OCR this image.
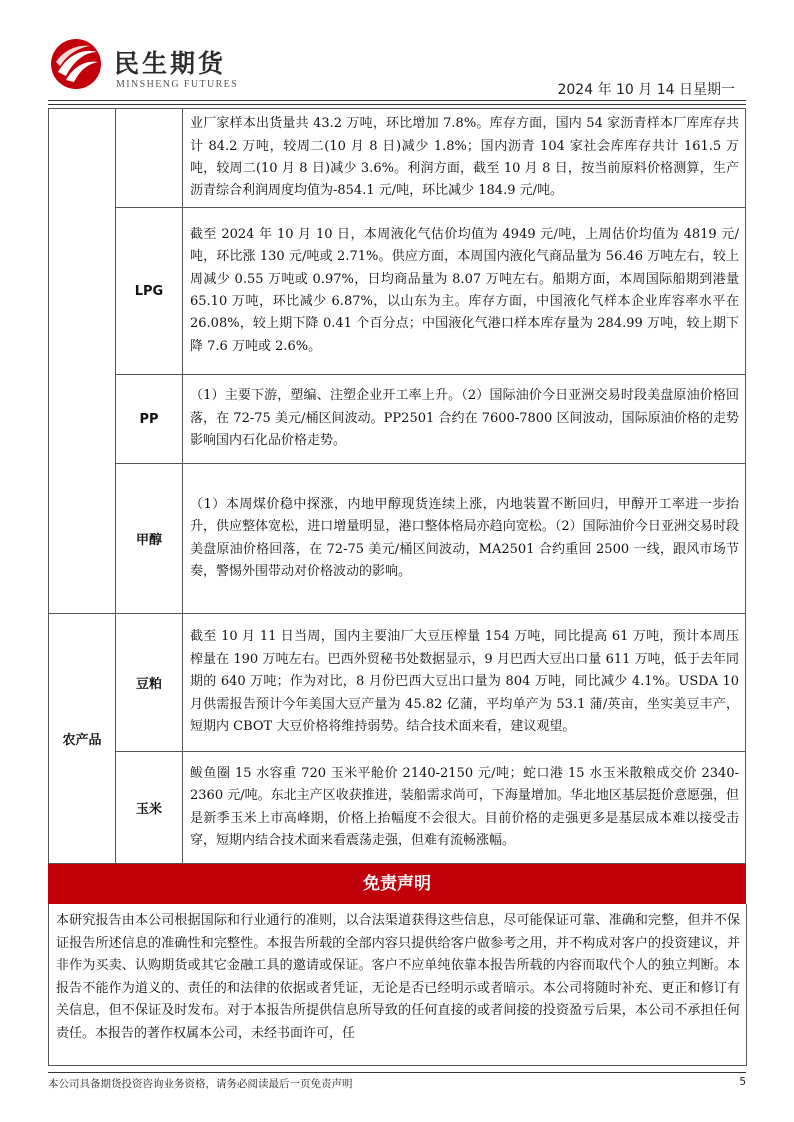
民生期货
MINSHENG FUTURES	2024 年 10 月 14 日星期一
		业厂家样本出货量共 43.2 万吨，环比增加 7.8%。库存方面，国内 54 家沥青样本厂库库存共计 84.2 万吨，较周二(10 月 8 日)减少 1.8%；国内沥青 104 家社会库库存共计 161.5 万吨，较周二(10 月 8 日)减少 3.6%。利润方面，截至 10 月 8 日，按当前原料价格测算，生产沥青综合利润周度均值为-854.1 元/吨，环比减少 184.9 元/吨。
	LPG	截至 2024 年 10 月 10 日，本周液化气估价均值为 4949 元/吨，上周估价均值为 4819 元/吨，环比涨 130 元/吨或 2.71%。供应方面，本周国内液化气商品量为 56.46 万吨左右，较上周减少 0.55 万吨或 0.97%，日均商品量为 8.07 万吨左右。船期方面，本周国际船期到港量 65.10 万吨，环比减少 6.87%，以山东为主。库存方面，中国液化气样本企业库容率水平在 26.08%，较上期下降 0.41 个百分点；中国液化气港口样本库存量为 284.99 万吨，较上期下降 7.6 万吨或 2.6%。
	PP	（1）主要下游，塑编、注塑企业开工率上升。（2）国际油价今日亚洲交易时段美盘原油价格回落，在 72-75 美元/桶区间波动。PP2501 合约在 7600-7800 区间波动，国际原油价格的走势影响国内石化品价格走势。
	甲醇	（1）本周煤价稳中探涨，内地甲醇现货连续上涨，内地装置不断回归，甲醇开工率进一步抬升，供应整体宽松，进口增量明显，港口整体格局亦趋向宽松。（2）国际油价今日亚洲交易时段美盘原油价格回落，在 72-75 美元/桶区间波动，MA2501 合约重回 2500 一线，跟风市场节奏，警惕外围带动对价格波动的影响。
农产品	豆粕	截至 10 月 11 日当周，国内主要油厂大豆压榨量 154 万吨，同比提高 61 万吨，预计本周压榨量在 190 万吨左右。巴西外贸秘书处数据显示，9 月巴西大豆出口量 611 万吨，低于去年同期的 640 万吨；作为对比，8 月份巴西大豆出口量为 804 万吨，同比减少 4.1%。USDA 10 月供需报告预计今年美国大豆产量为 45.82 亿蒲，平均单产为 53.1 蒲/英亩，坐实美豆丰产，短期内 CBOT 大豆价格将维持弱势。结合技术面来看，建议观望。
	玉米	鲅鱼圈 15 水容重 720 玉米平舱价 2140-2150 元/吨；蛇口港 15 水玉米散粮成交价 2340-2360 元/吨。东北主产区收获推进，装船需求尚可，下海量增加。华北地区基层挺价意愿强，但是新季玉米上市高峰期，价格上抬幅度不会很大。目前价格的走强更多是基层成本难以接受击穿，短期内结合技术面来看震荡走强，但难有流畅涨幅。
免责声明
本研究报告由本公司根据国际和行业通行的准则，以合法渠道获得这些信息，尽可能保证可靠、准确和完整，但并不保证报告所述信息的准确性和完整性。本报告所载的全部内容只提供给客户做参考之用，并不构成对客户的投资建议，并非作为买卖、认购期货或其它金融工具的邀请或保证。客户不应单纯依靠本报告所载的内容而取代个人的独立判断。本报告不能作为道义的、责任的和法律的依据或者凭证，无论是否已经明示或者暗示。本公司将随时补充、更正和修订有关信息，但不保证及时发布。对于本报告所提供信息所导致的任何直接的或者间接的投资盈亏后果，本公司不承担任何责任。本报告的著作权属本公司，未经书面许可，任
本公司具备期货投资咨询业务资格，请务必阅读最后一页免责声明	5
